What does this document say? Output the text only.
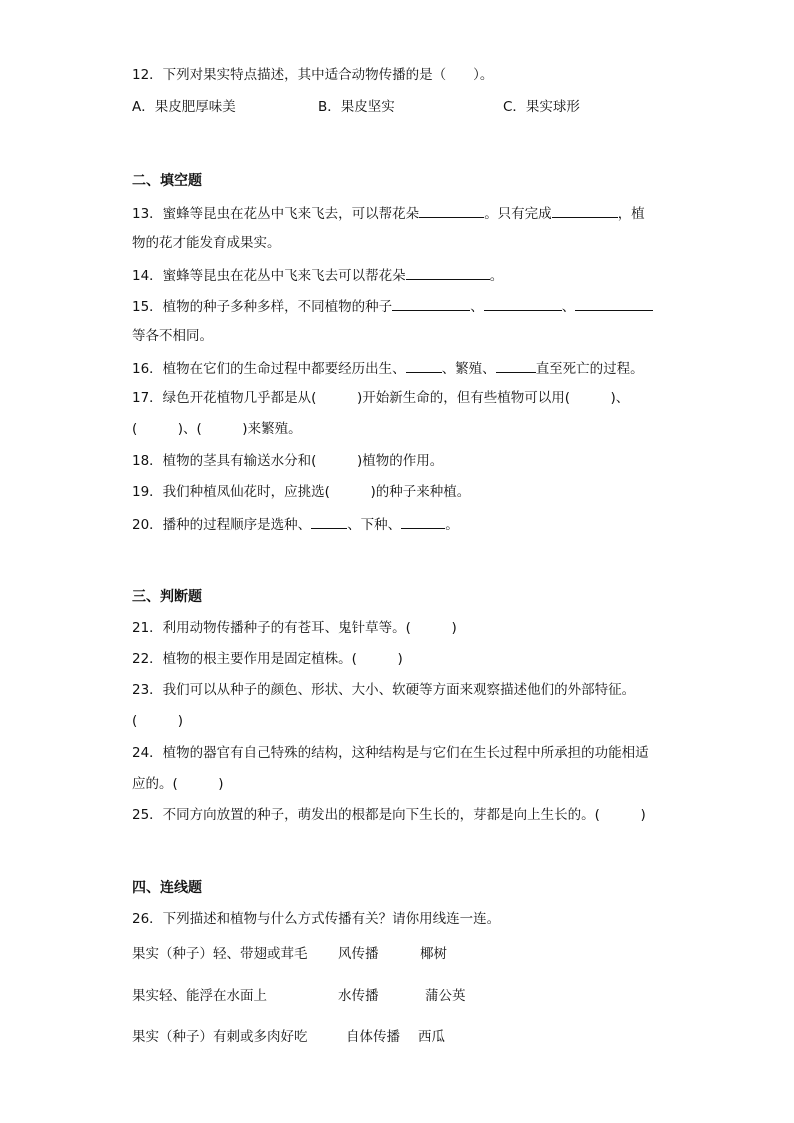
12．下列对果实特点描述，其中适合动物传播的是（　　）。
A．果皮肥厚味美	B．果皮坚实	C．果实球形
二、填空题
13．蜜蜂等昆虫在花丛中飞来飞去，可以帮花朵	。只有完成	，植
物的花才能发育成果实。
14．蜜蜂等昆虫在花丛中飞来飞去可以帮花朵	。
15．植物的种子多种多样，不同植物的种子	、	、
等各不相同。
16．植物在它们的生命过程中都要经历出生、	、繁殖、	直至死亡的过程。
17．绿色开花植物几乎都是从(　　　)开始新生命的，但有些植物可以用(　　　)、
(　　　)、(　　　)来繁殖。
18．植物的茎具有输送水分和(　　　)植物的作用。
19．我们种植凤仙花时，应挑选(　　　)的种子来种植。
20．播种的过程顺序是选种、	、下种、	。
三、判断题
21．利用动物传播种子的有苍耳、鬼针草等。(　　　)
22．植物的根主要作用是固定植株。(　　　)
23．我们可以从种子的颜色、形状、大小、软硬等方面来观察描述他们的外部特征。
(　　　)
24．植物的器官有自己特殊的结构，这种结构是与它们在生长过程中所承担的功能相适
应的。(　　　)
25．不同方向放置的种子，萌发出的根都是向下生长的，芽都是向上生长的。(　　　)
四、连线题
26．下列描述和植物与什么方式传播有关？请你用线连一连。
果实（种子）轻、带翅或茸毛 风传播	椰树
果实轻、能浮在水面上	水传播	蒲公英
果实（种子）有刺或多肉好吃	自体传播 西瓜
